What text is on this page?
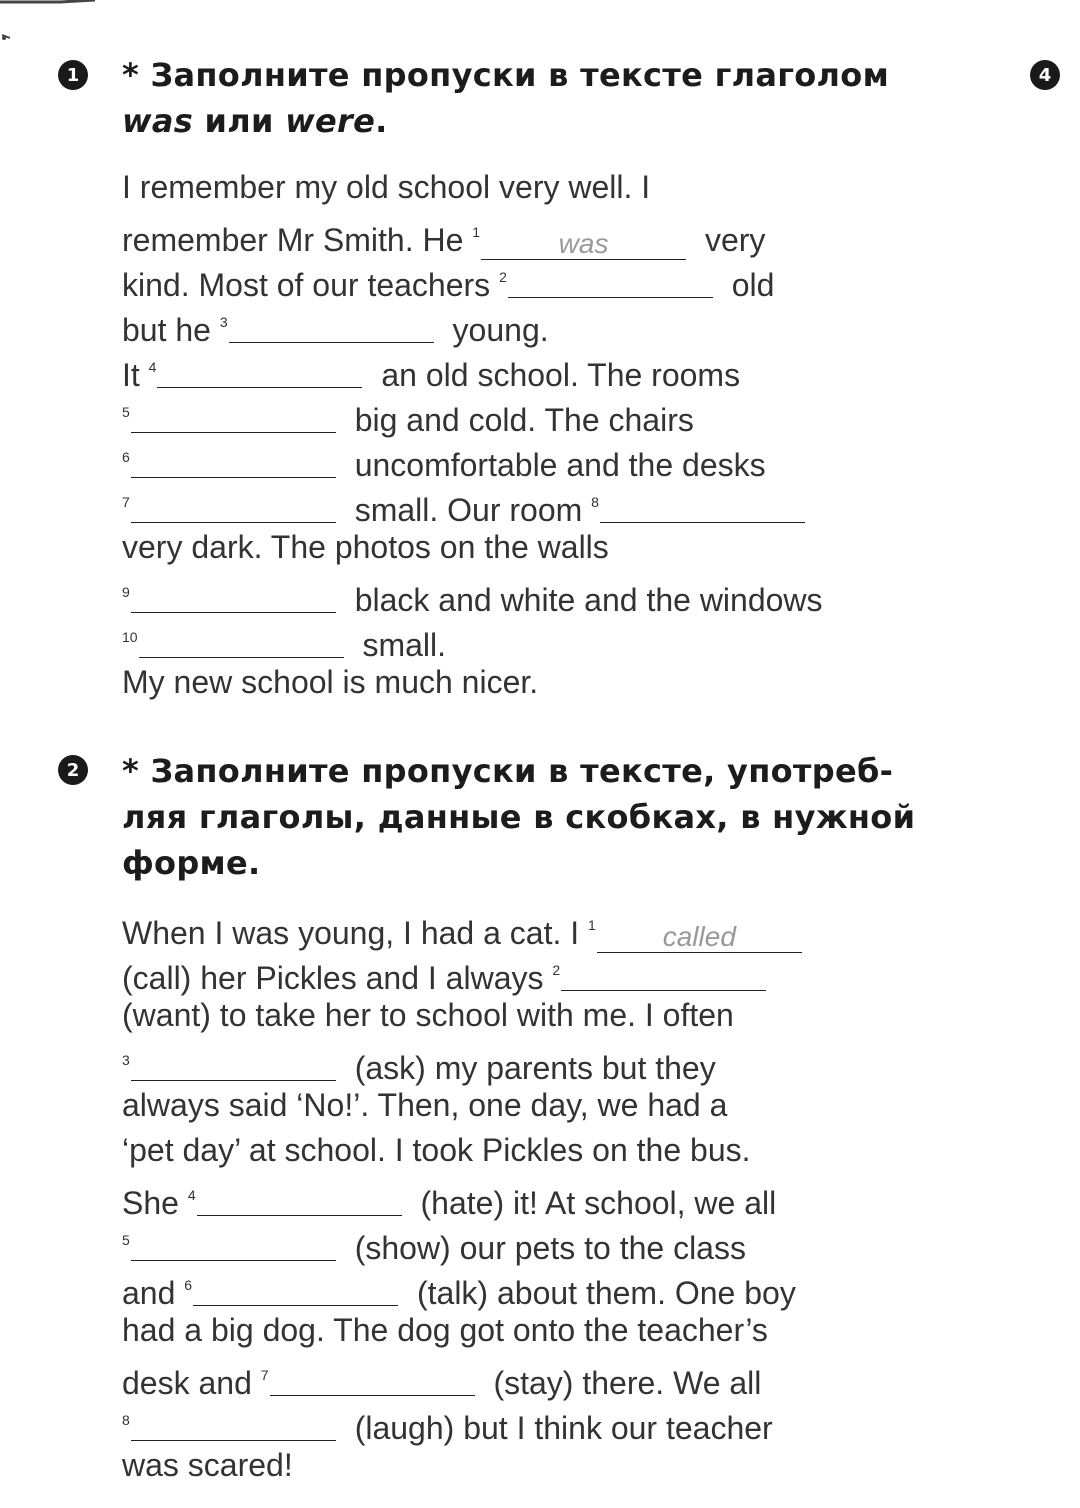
1	4
* Заполните пропуски в тексте глаголом
was или were.
I remember my old school very well. I
remember Mr Smith. He $^1$	was	very
kind. Most of our teachers $^2$	old
but he $^3$	young.
It $^4$	an old school. The rooms
$^5$	big and cold. The chairs
$^6$	uncomfortable and the desks
$^7$	small. Our room $^8$
very dark. The photos on the walls
$^9$	black and white and the windows
$^{10}$	small.
My new school is much nicer.
2 * Заполните пропуски в тексте, употреб-
ляя глаголы, данные в скобках, в нужной
форме.
When I was young, I had a cat. I $^1$ called
(call) her Pickles and I always $^2$
(want) to take her to school with me. I often
$^3$	(ask) my parents but they
always said ‘No!’. Then, one day, we had a
‘pet day’ at school. I took Pickles on the bus.
She $^4$	(hate) it! At school, we all
$^5$	(show) our pets to the class
and $^6$	(talk) about them. One boy
had a big dog. The dog got onto the teacher’s
desk and $^7$	(stay) there. We all
$^8$	(laugh) but I think our teacher
was scared!
